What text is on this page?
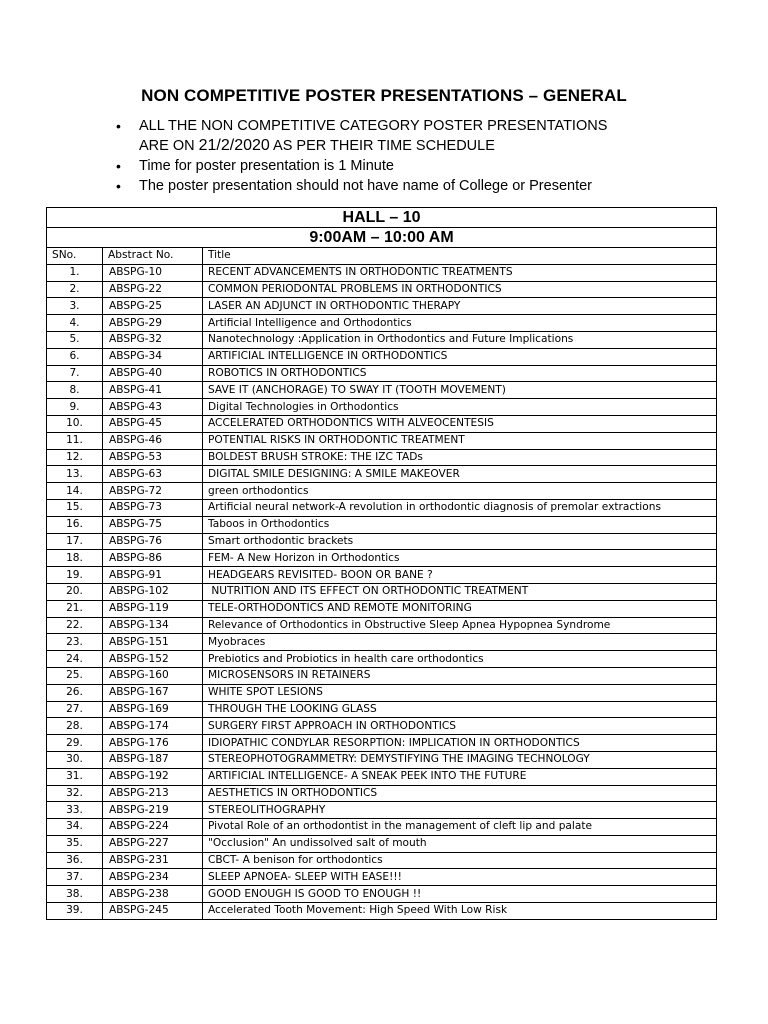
NON COMPETITIVE POSTER PRESENTATIONS – GENERAL
• ALL THE NON COMPETITIVE CATEGORY POSTER PRESENTATIONS
ARE ON 21/2/2020 AS PER THEIR TIME SCHEDULE
• Time for poster presentation is 1 Minute
• The poster presentation should not have name of College or Presenter
HALL – 10		
9:00AM – 10:00 AM		
SNo.	Abstract No.	Title
1.	ABSPG-10	RECENT ADVANCEMENTS IN ORTHODONTIC TREATMENTS
2.	ABSPG-22	COMMON PERIODONTAL PROBLEMS IN ORTHODONTICS
3.	ABSPG-25	LASER AN ADJUNCT IN ORTHODONTIC THERAPY
4.	ABSPG-29	Artificial Intelligence and Orthodontics
5.	ABSPG-32	Nanotechnology :Application in Orthodontics and Future Implications
6.	ABSPG-34	ARTIFICIAL INTELLIGENCE IN ORTHODONTICS
7.	ABSPG-40	ROBOTICS IN ORTHODONTICS
8.	ABSPG-41	SAVE IT (ANCHORAGE) TO SWAY IT (TOOTH MOVEMENT)
9.	ABSPG-43	Digital Technologies in Orthodontics
10.	ABSPG-45	ACCELERATED ORTHODONTICS WITH ALVEOCENTESIS
11.	ABSPG-46	POTENTIAL RISKS IN ORTHODONTIC TREATMENT
12.	ABSPG-53	BOLDEST BRUSH STROKE: THE IZC TADs
13.	ABSPG-63	DIGITAL SMILE DESIGNING: A SMILE MAKEOVER
14.	ABSPG-72	green orthodontics
15.	ABSPG-73	Artificial neural network-A revolution in orthodontic diagnosis of premolar extractions
16.	ABSPG-75	Taboos in Orthodontics
17.	ABSPG-76	Smart orthodontic brackets
18.	ABSPG-86	FEM- A New Horizon in Orthodontics
19.	ABSPG-91	HEADGEARS REVISITED- BOON OR BANE ?
20.	ABSPG-102	NUTRITION AND ITS EFFECT ON ORTHODONTIC TREATMENT
21.	ABSPG-119	TELE-ORTHODONTICS AND REMOTE MONITORING
22.	ABSPG-134	Relevance of Orthodontics in Obstructive Sleep Apnea Hypopnea Syndrome
23.	ABSPG-151	Myobraces
24.	ABSPG-152	Prebiotics and Probiotics in health care orthodontics
25.	ABSPG-160	MICROSENSORS IN RETAINERS
26.	ABSPG-167	WHITE SPOT LESIONS
27.	ABSPG-169	THROUGH THE LOOKING GLASS
28.	ABSPG-174	SURGERY FIRST APPROACH IN ORTHODONTICS
29.	ABSPG-176	IDIOPATHIC CONDYLAR RESORPTION: IMPLICATION IN ORTHODONTICS
30.	ABSPG-187	STEREOPHOTOGRAMMETRY: DEMYSTIFYING THE IMAGING TECHNOLOGY
31.	ABSPG-192	ARTIFICIAL INTELLIGENCE- A SNEAK PEEK INTO THE FUTURE
32.	ABSPG-213	AESTHETICS IN ORTHODONTICS
33.	ABSPG-219	STEREOLITHOGRAPHY
34.	ABSPG-224	Pivotal Role of an orthodontist in the management of cleft lip and palate
35.	ABSPG-227	"Occlusion" An undissolved salt of mouth
36.	ABSPG-231	CBCT- A benison for orthodontics
37.	ABSPG-234	SLEEP APNOEA- SLEEP WITH EASE!!!
38.	ABSPG-238	GOOD ENOUGH IS GOOD TO ENOUGH !!
39.	ABSPG-245	Accelerated Tooth Movement: High Speed With Low Risk
